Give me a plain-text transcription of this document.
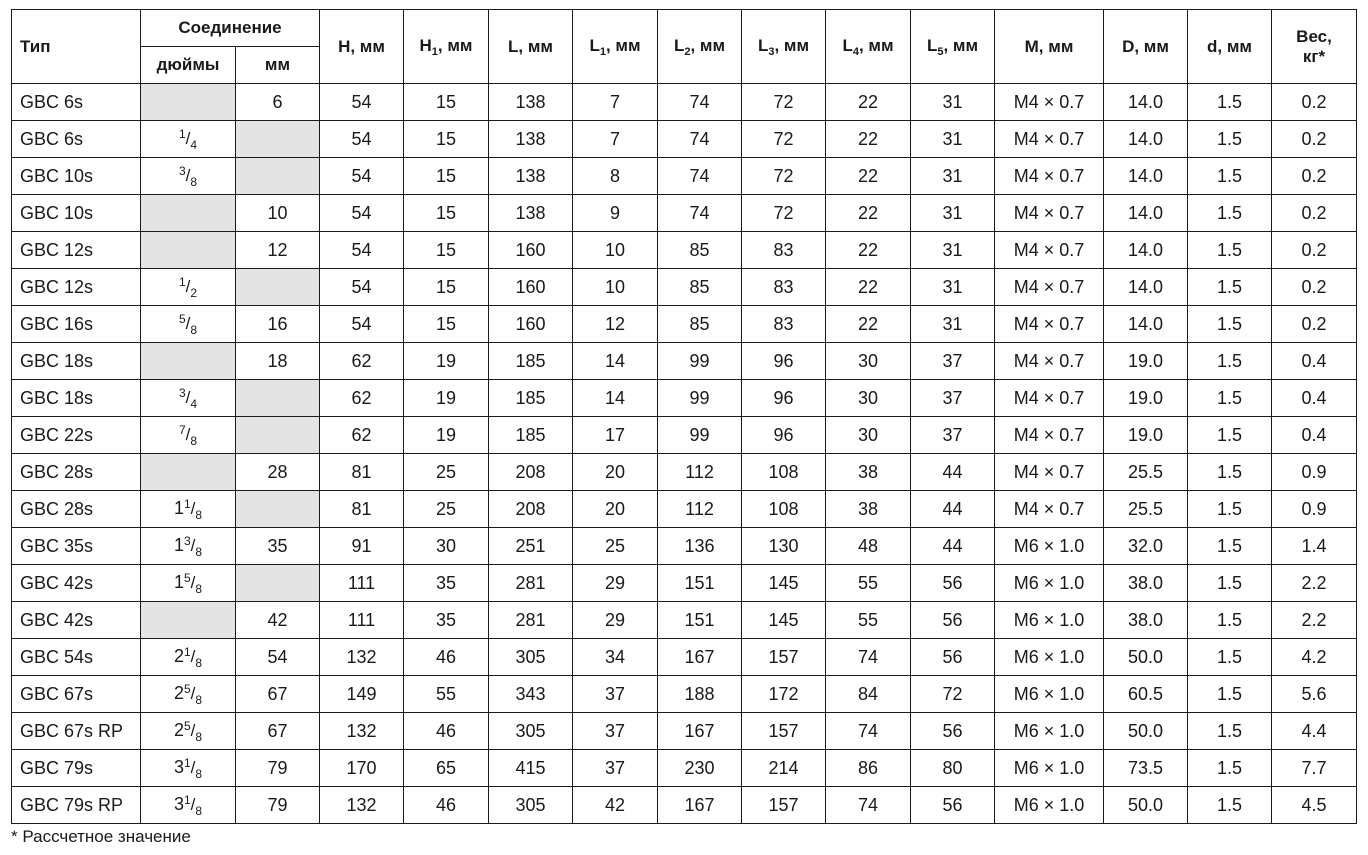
Тип	Соединение		H, мм	$H_1$, мм	L, мм	$L_1$, мм	$L_2$, мм	$L_3$, мм	$L_4$, мм	$L_5$, мм	M, мм	D, мм	d, мм	Вес,
кг*
	дюймы	мм												
GBC 6s		6	54	15	138	7	74	72	22	31	M4 × 0.7	14.0	1.5	0.2
GBC 6s	$^1/_4$		54	15	138	7	74	72	22	31	M4 × 0.7	14.0	1.5	0.2
GBC 10s	$^3/_8$		54	15	138	8	74	72	22	31	M4 × 0.7	14.0	1.5	0.2
GBC 10s		10	54	15	138	9	74	72	22	31	M4 × 0.7	14.0	1.5	0.2
GBC 12s		12	54	15	160	10	85	83	22	31	M4 × 0.7	14.0	1.5	0.2
GBC 12s	$^1/_2$		54	15	160	10	85	83	22	31	M4 × 0.7	14.0	1.5	0.2
GBC 16s	$^5/_8$	16	54	15	160	12	85	83	22	31	M4 × 0.7	14.0	1.5	0.2
GBC 18s		18	62	19	185	14	99	96	30	37	M4 × 0.7	19.0	1.5	0.4
GBC 18s	$^3/_4$		62	19	185	14	99	96	30	37	M4 × 0.7	19.0	1.5	0.4
GBC 22s	$^7/_8$		62	19	185	17	99	96	30	37	M4 × 0.7	19.0	1.5	0.4
GBC 28s		28	81	25	208	20	112	108	38	44	M4 × 0.7	25.5	1.5	0.9
GBC 28s	$1^1/_8$		81	25	208	20	112	108	38	44	M4 × 0.7	25.5	1.5	0.9
GBC 35s	$1^3/_8$	35	91	30	251	25	136	130	48	44	M6 × 1.0	32.0	1.5	1.4
GBC 42s	$1^5/_8$		111	35	281	29	151	145	55	56	M6 × 1.0	38.0	1.5	2.2
GBC 42s		42	111	35	281	29	151	145	55	56	M6 × 1.0	38.0	1.5	2.2
GBC 54s	$2^1/_8$	54	132	46	305	34	167	157	74	56	M6 × 1.0	50.0	1.5	4.2
GBC 67s	$2^5/_8$	67	149	55	343	37	188	172	84	72	M6 × 1.0	60.5	1.5	5.6
GBC 67s RP	$2^5/_8$	67	132	46	305	37	167	157	74	56	M6 × 1.0	50.0	1.5	4.4
GBC 79s	$3^1/_8$	79	170	65	415	37	230	214	86	80	M6 × 1.0	73.5	1.5	7.7
GBC 79s RP	$3^1/_8$	79	132	46	305	42	167	157	74	56	M6 × 1.0	50.0	1.5	4.5
* Рассчетное значение
